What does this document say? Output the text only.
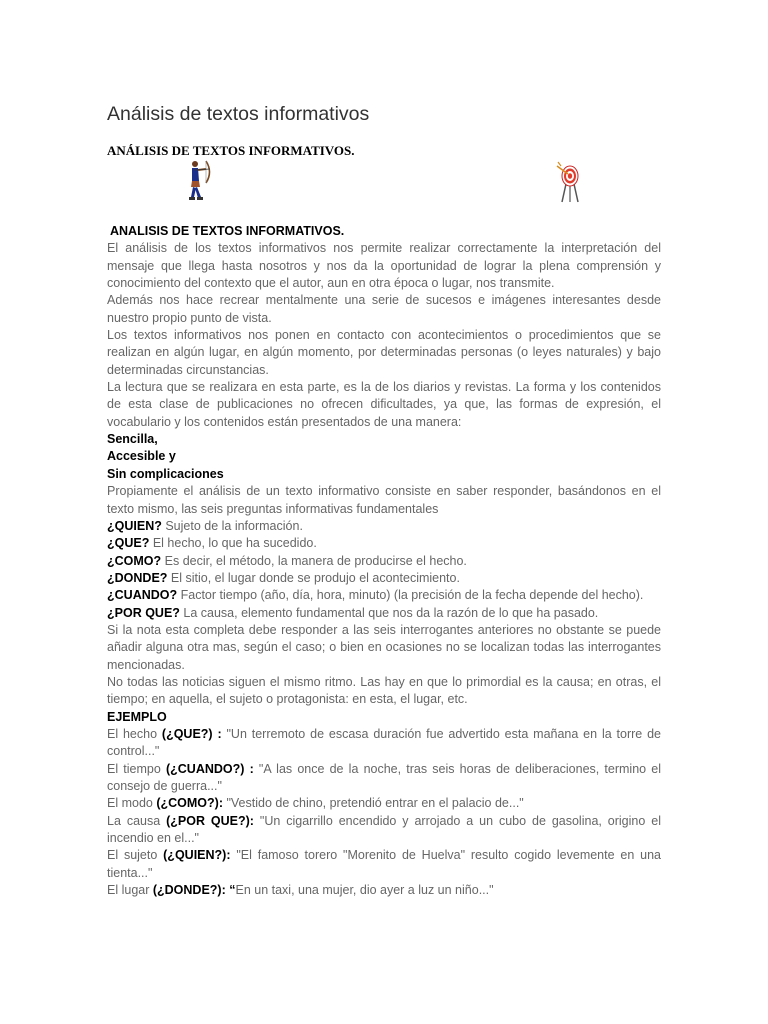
Análisis de textos informativos
ANÁLISIS DE TEXTOS INFORMATIVOS.

ANALISIS DE TEXTOS INFORMATIVOS.

El análisis de los textos informativos nos permite realizar correctamente la interpretación del mensaje que llega hasta nosotros y nos da la oportunidad de lograr la plena comprensión y conocimiento del contexto que el autor, aun en otra época o lugar, nos transmite.

Además nos hace recrear mentalmente una serie de sucesos e imágenes interesantes desde nuestro propio punto de vista.

Los textos informativos nos ponen en contacto con acontecimientos o procedimientos que se realizan en algún lugar, en algún momento, por determinadas personas (o leyes naturales) y bajo determinadas circunstancias.

La lectura que se realizara en esta parte, es la de los diarios y revistas. La forma y los contenidos de esta clase de publicaciones no ofrecen dificultades, ya que, las formas de expresión, el vocabulario y los contenidos están presentados de una manera:

Sencilla,

Accesible y

Sin complicaciones

Propiamente el análisis de un texto informativo consiste en saber responder, basándonos en el texto mismo, las seis preguntas informativas fundamentales

¿QUIEN? Sujeto de la información.

¿QUE? El hecho, lo que ha sucedido.

¿COMO? Es decir, el método, la manera de producirse el hecho.

¿DONDE? El sitio, el lugar donde se produjo el acontecimiento.

¿CUANDO? Factor tiempo (año, día, hora, minuto) (la precisión de la fecha depende del hecho).

¿POR QUE? La causa, elemento fundamental que nos da la razón de lo que ha pasado.

Si la nota esta completa debe responder a las seis interrogantes anteriores no obstante se puede añadir alguna otra mas, según el caso; o bien en ocasiones no se localizan todas las interrogantes mencionadas.

No todas las noticias siguen el mismo ritmo. Las hay en que lo primordial es la causa; en otras, el tiempo; en aquella, el sujeto o protagonista: en esta, el lugar, etc.

EJEMPLO

El hecho (¿QUE?) : "Un terremoto de escasa duración fue advertido esta mañana en la torre de control..."

El tiempo (¿CUANDO?) : "A las once de la noche, tras seis horas de deliberaciones, termino el consejo de guerra..."

El modo (¿COMO?): "Vestido de chino, pretendió entrar en el palacio de..."

La causa (¿POR QUE?): "Un cigarrillo encendido y arrojado a un cubo de gasolina, origino el incendio en el..."

El sujeto (¿QUIEN?): "El famoso torero "Morenito de Huelva" resulto cogido levemente en una tienta..."

El lugar (¿DONDE?): “En un taxi, una mujer, dio ayer a luz un niño..."
